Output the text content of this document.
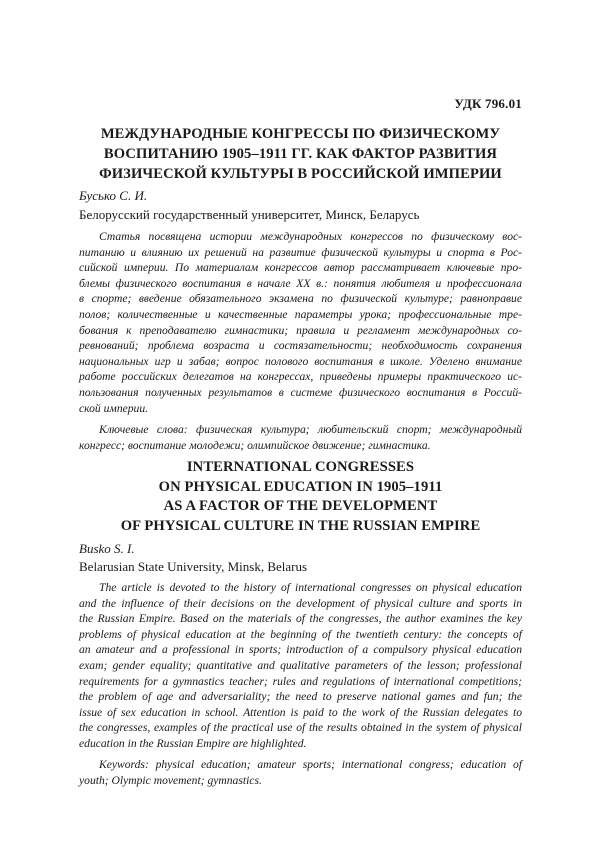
УДК 796.01
МЕЖДУНАРОДНЫЕ КОНГРЕССЫ ПО ФИЗИЧЕСКОМУ
ВОСПИТАНИЮ 1905–1911 ГГ. КАК ФАКТОР РАЗВИТИЯ
ФИЗИЧЕСКОЙ КУЛЬТУРЫ В РОССИЙСКОЙ ИМПЕРИИ
Бусько С. И.
Белорусский государственный университет, Минск, Беларусь
Статья посвящена истории международных конгрессов по физическому вос-
питанию и влиянию их решений на развитие физической культуры и спорта в Рос-
сийской империи. По материалам конгрессов автор рассматривает ключевые про-
блемы физического воспитания в начале XX в.: понятия любителя и профессионала
в спорте; введение обязательного экзамена по физической культуре; равноправие
полов; количественные и качественные параметры урока; профессиональные тре-
бования к преподавателю гимнастики; правила и регламент международных со-
ревнований; проблема возраста и состязательности; необходимость сохранения
национальных игр и забав; вопрос полового воспитания в школе. Уделено внимание
работе российских делегатов на конгрессах, приведены примеры практического ис-
пользования полученных результатов в системе физического воспитания в Россий-
ской империи.
Ключевые слова: физическая культура; любительский спорт; международный
конгресс; воспитание молодежи; олимпийское движение; гимнастика.
INTERNATIONAL CONGRESSES
ON PHYSICAL EDUCATION IN 1905–1911
AS A FACTOR OF THE DEVELOPMENT
OF PHYSICAL CULTURE IN THE RUSSIAN EMPIRE
Busko S. I.
Belarusian State University, Minsk, Belarus
The article is devoted to the history of international congresses on physical education
and the influence of their decisions on the development of physical culture and sports in
the Russian Empire. Based on the materials of the congresses, the author examines the key
problems of physical education at the beginning of the twentieth century: the concepts of
an amateur and a professional in sports; introduction of a compulsory physical education
exam; gender equality; quantitative and qualitative parameters of the lesson; professional
requirements for a gymnastics teacher; rules and regulations of international competitions;
the problem of age and adversariality; the need to preserve national games and fun; the
issue of sex education in school. Attention is paid to the work of the Russian delegates to
the congresses, examples of the practical use of the results obtained in the system of physical
education in the Russian Empire are highlighted.
Keywords: physical education; amateur sports; international congress; education of
youth; Olympic movement; gymnastics.
